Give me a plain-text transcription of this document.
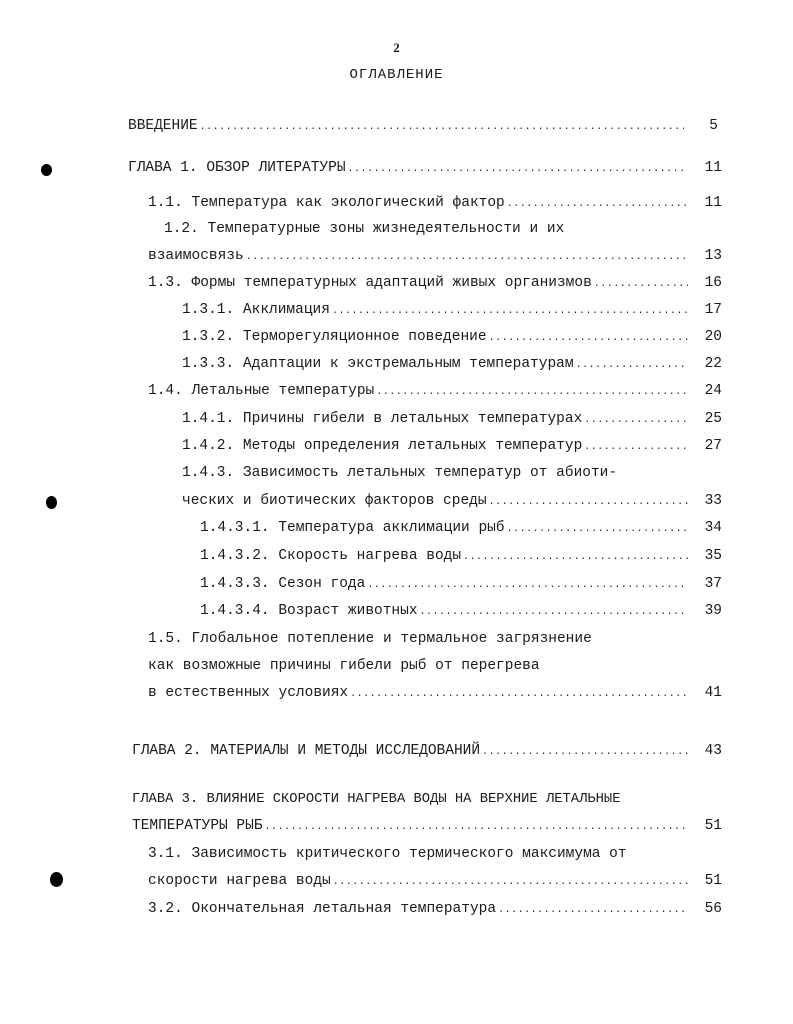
2
ОГЛАВЛЕНИЕ
ВВЕДЕНИЕ .....	5
ГЛАВА 1. ОБЗОР ЛИТЕРАТУРЫ .....	11
1.1. Температура как экологический фактор .....	11
1.2. Температурные зоны жизнедеятельности и их
взаимосвязь .....	13
1.3. Формы температурных адаптаций живых организмов .....	16
1.3.1. Акклимация .....	17
1.3.2. Терморегуляционное поведение .....	20
1.3.3. Адаптации к экстремальным температурам .....	22
1.4. Летальные температуры .....	24
1.4.1. Причины гибели в летальных температурах .....	25
1.4.2. Методы определения летальных температур .....	27
1.4.3. Зависимость летальных температур от абиоти-
ческих и биотических факторов среды .....	33
1.4.3.1. Температура акклимации рыб .....	34
1.4.3.2. Скорость нагрева воды .....	35
1.4.3.3. Сезон года .....	37
1.4.3.4. Возраст животных .....	39
1.5. Глобальное потепление и термальное загрязнение
как возможные причины гибели рыб от перегрева
в естественных условиях .....	41
ГЛАВА 2. МАТЕРИАЛЫ И МЕТОДЫ ИССЛЕДОВАНИЙ .....	43
ГЛАВА 3. ВЛИЯНИЕ СКОРОСТИ НАГРЕВА ВОДЫ НА ВЕРХНИЕ ЛЕТАЛЬНЫЕ
ТЕМПЕРАТУРЫ РЫБ .....	51
3.1. Зависимость критического термического максимума от
скорости нагрева воды .....	51
3.2. Окончательная летальная температура .....	56
